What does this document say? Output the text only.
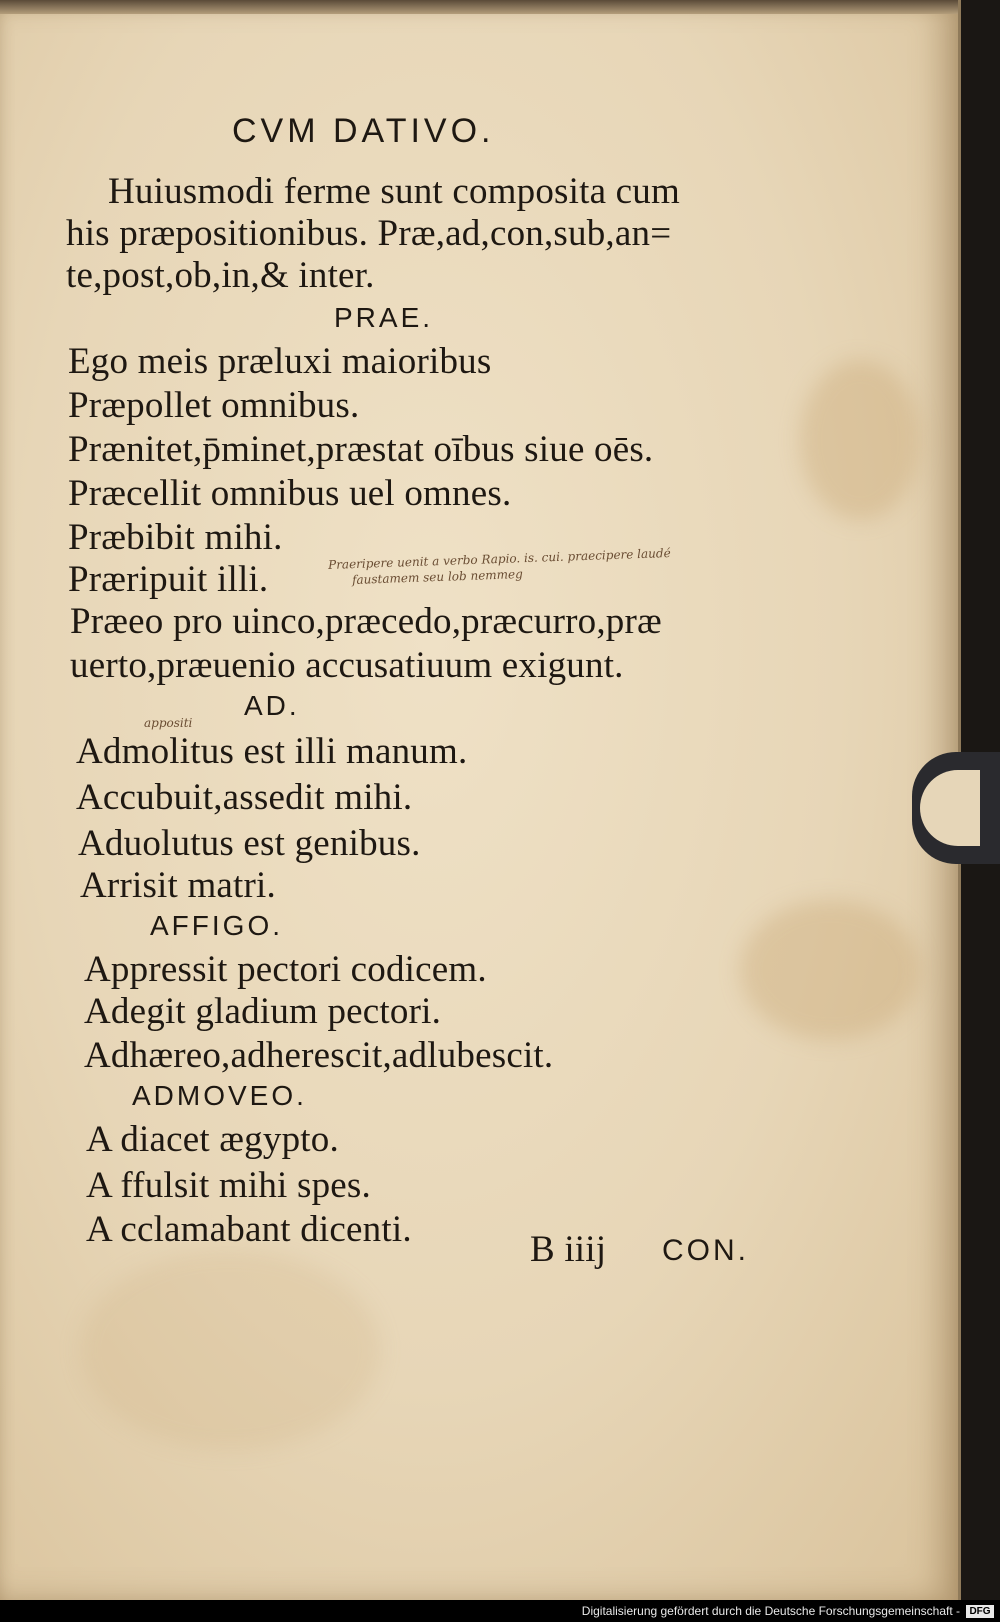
CVM DATIVO.
Huiusmodi ferme sunt composita cum
his præpositionibus. Præ,ad,con,sub,an=
te,post,ob,in,& inter.
PRAE.
Ego meis præluxi maioribus
Præpollet omnibus.
Prænitet,p̄minet,præstat oībus siue oēs.
Præcellit omnibus uel omnes.
Præbibit mihi.
Præripuit illi.	Praeripere uenit a verbo Rapio. is. cui. praecipere laudé
faustamem seu lob nemmeg
Præeo pro uinco,præcedo,præcurro,præ
uerto,præuenio accusatiuum exigunt.
AD.
appositi
Admolitus est illi manum.
Accubuit,assedit mihi.
Aduolutus est genibus.
Arrisit matri.
AFFIGO.
Appressit pectori codicem.
Adegit gladium pectori.
Adhæreo,adherescit,adlubescit.
ADMOVEO.
A diacet ægypto.
A ffulsit mihi spes.
A cclamabant dicenti.	B iiij CON.
Digitalisierung gefördert durch die Deutsche Forschungsgemeinschaft - DFG
